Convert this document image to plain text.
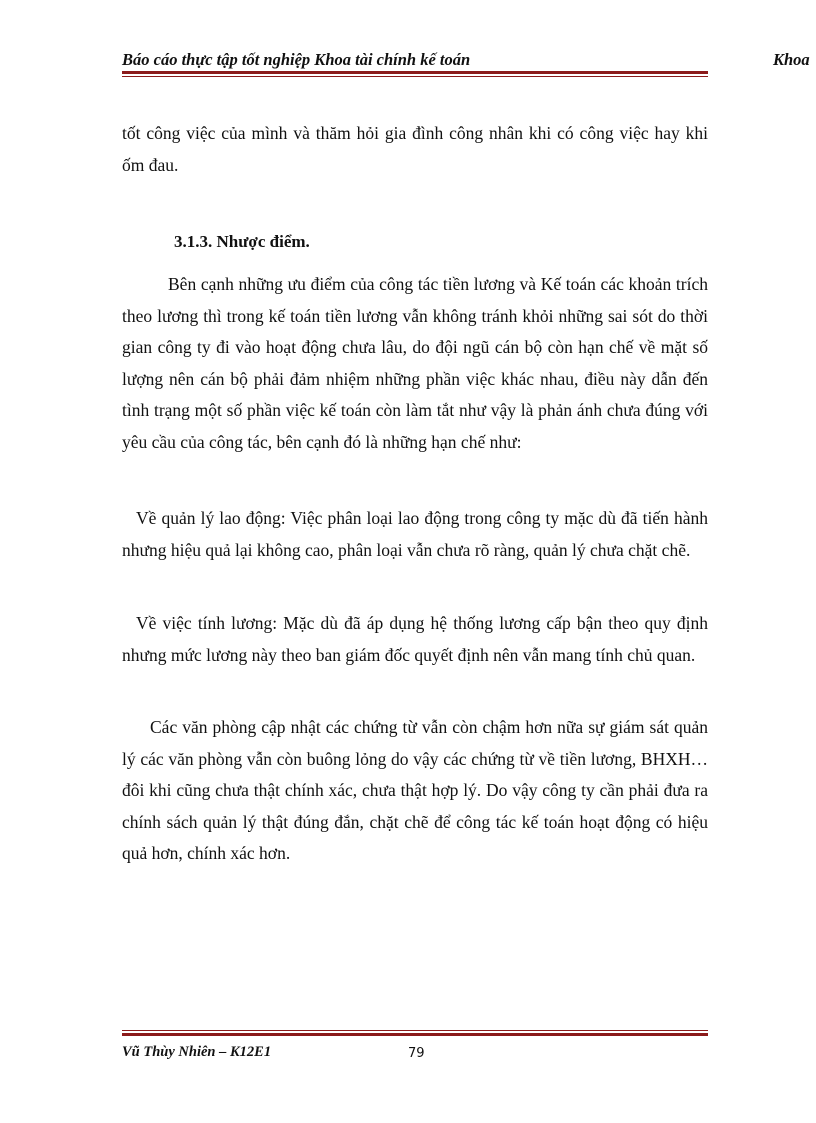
Báo cáo thực tập tốt nghiệp Khoa tài chính kế toán	Khoa

tốt công việc của mình và thăm hỏi gia đình công nhân khi có công việc hay khi ốm đau.

3.1.3. Nhược điểm.

Bên cạnh những ưu điểm của công tác tiền lương và Kế toán các khoản trích theo lương thì trong kế toán tiền lương vẫn không tránh khỏi những sai sót do thời gian công ty đi vào hoạt động chưa lâu, do đội ngũ cán bộ còn hạn chế về mặt số lượng nên cán bộ phải đảm nhiệm những phần việc khác nhau, điều này dẫn đến tình trạng một số phần việc kế toán còn làm tắt như vậy là phản ánh chưa đúng với yêu cầu của công tác, bên cạnh đó là những hạn chế như:

Về quản lý lao động: Việc phân loại lao động trong công ty mặc dù đã tiến hành nhưng hiệu quả lại không cao, phân loại vẫn chưa rõ ràng, quản lý chưa chặt chẽ.

Về việc tính lương: Mặc dù đã áp dụng hệ thống lương cấp bận theo quy định nhưng mức lương này theo ban giám đốc quyết định nên vẫn mang tính chủ quan.

Các văn phòng cập nhật các chứng từ vẫn còn chậm hơn nữa sự giám sát quản lý các văn phòng vẫn còn buông lỏng do vậy các chứng từ về tiền lương, BHXH… đôi khi cũng chưa thật chính xác, chưa thật hợp lý. Do vậy công ty cần phải đưa ra chính sách quản lý thật đúng đắn, chặt chẽ để công tác kế toán hoạt động có hiệu quả hơn, chính xác hơn.

Vũ Thùy Nhiên – K12E1	79
